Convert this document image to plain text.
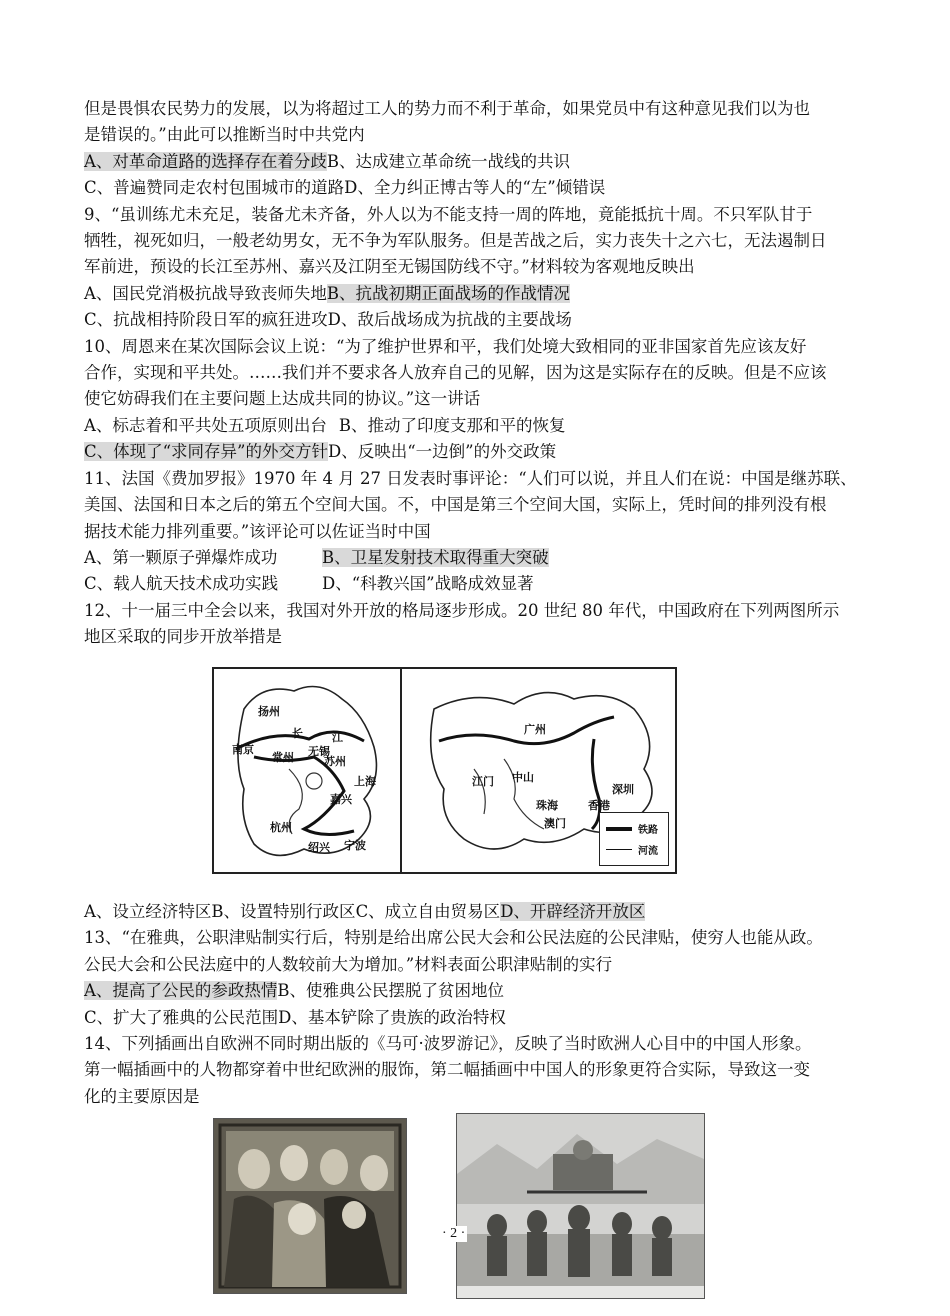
但是畏惧农民势力的发展，以为将超过工人的势力而不利于革命，如果党员中有这种意见我们以为也

是错误的。”由此可以推断当时中共党内

A、对革命道路的选择存在着分歧B、达成建立革命统一战线的共识

C、普遍赞同走农村包围城市的道路D、全力纠正博古等人的“左”倾错误

9、“虽训练尤未充足，装备尤未齐备，外人以为不能支持一周的阵地，竟能抵抗十周。不只军队甘于

牺牲，视死如归，一般老幼男女，无不争为军队服务。但是苦战之后，实力丧失十之六七，无法遏制日

军前进，预设的长江至苏州、嘉兴及江阴至无锡国防线不守。”材料较为客观地反映出

A、国民党消极抗战导致丧师失地B、抗战初期正面战场的作战情况

C、抗战相持阶段日军的疯狂进攻D、敌后战场成为抗战的主要战场

10、周恩来在某次国际会议上说：“为了维护世界和平，我们处境大致相同的亚非国家首先应该友好

合作，实现和平共处。……我们并不要求各人放弃自己的见解，因为这是实际存在的反映。但是不应该

使它妨碍我们在主要问题上达成共同的协议。”这一讲话

A、标志着和平共处五项原则出台 B、推动了印度支那和平的恢复

C、体现了“求同存异”的外交方针D、反映出“一边倒”的外交政策

11、法国《费加罗报》1970 年 4 月 27 日发表时事评论：“人们可以说，并且人们在说：中国是继苏联、

美国、法国和日本之后的第五个空间大国。不，中国是第三个空间大国，实际上，凭时间的排列没有根

据技术能力排列重要。”该评论可以佐证当时中国

A、第一颗原子弹爆炸成功	B、卫星发射技术取得重大突破

C、载人航天技术成功实践	D、“科教兴国”战略成效显著

12、十一届三中全会以来，我国对外开放的格局逐步形成。20 世纪 80 年代，中国政府在下列两图所示

地区采取的同步开放举措是

扬州
长	江
南京
常州 无锡
苏州
上海
嘉兴
杭州
绍兴 宁波
广州
江门 中山
深圳
珠海	香港
澳门
铁路
河流

A、设立经济特区B、设置特别行政区C、成立自由贸易区D、开辟经济开放区

13、“在雅典，公职津贴制实行后，特别是给出席公民大会和公民法庭的公民津贴，使穷人也能从政。

公民大会和公民法庭中的人数较前大为增加。”材料表面公职津贴制的实行

A、提高了公民的参政热情B、使雅典公民摆脱了贫困地位

C、扩大了雅典的公民范围D、基本铲除了贵族的政治特权

14、下列插画出自欧洲不同时期出版的《马可·波罗游记》，反映了当时欧洲人心目中的中国人形象。

第一幅插画中的人物都穿着中世纪欧洲的服饰，第二幅插画中中国人的形象更符合实际，导致这一变

化的主要原因是

· 2 ·
